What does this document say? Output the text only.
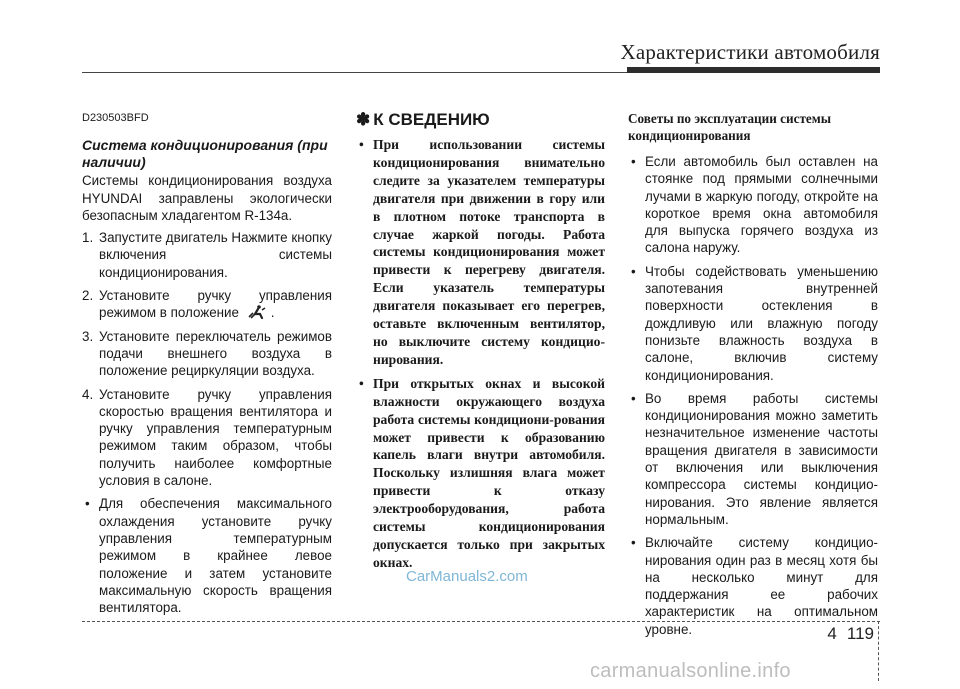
Характеристики автомобиля
D230503BFD
Система кондиционирования (при наличии)
Системы кондиционирования воздуха HYUNDAI заправлены экологически безопасным хладагентом R-134a.
1. Запустите двигатель Нажмите кнопку включения системы кондиционирования.
2. Установите ручку управления режимом в положение .
3. Установите переключатель режимов подачи внешнего воздуха в положение рециркуляции воздуха.
4. Установите ручку управления скоростью вращения вентилятора и ручку управления температурным режимом таким образом, чтобы получить наиболее комфортные условия в салоне.
• Для обеспечения максимального охлаждения установите ручку управления температурным режимом в крайнее левое положение и затем установите максимальную скорость вращения вентилятора.
✽ К СВЕДЕНИЮ
• При использовании системы кондиционирования внимательно следите за указателем температуры двигателя при движении в гору или в плотном потоке транспорта в случае жаркой погоды. Работа системы кондиционирования может привести к перегреву двигателя. Если указатель температуры двигателя показывает его перегрев, оставьте включенным вентилятор, но выключите систему кондицио-нирования.
• При открытых окнах и высокой влажности окружающего воздуха работа системы кондициони-рования может привести к образованию капель влаги внутри автомобиля. Поскольку излишняя влага может привести к отказу электрооборудования, работа системы кондиционирования допускается только при закрытых окнах.
Советы по эксплуатации системы кондиционирования
• Если автомобиль был оставлен на стоянке под прямыми солнечными лучами в жаркую погоду, откройте на короткое время окна автомобиля для выпуска горячего воздуха из салона наружу.
• Чтобы содействовать уменьшению запотевания внутренней поверхности остекления в дождливую или влажную погоду понизьте влажность воздуха в салоне, включив систему кондиционирования.
• Во время работы системы кондиционирования можно заметить незначительное изменение частоты вращения двигателя в зависимости от включения или выключения компрессора системы кондицио-нирования. Это явление является нормальным.
• Включайте систему кондицио-нирования один раз в месяц хотя бы на несколько минут для поддержания ее рабочих характеристик на оптимальном уровне.
CarManuals2.com
4 119
carmanualsonline.info
